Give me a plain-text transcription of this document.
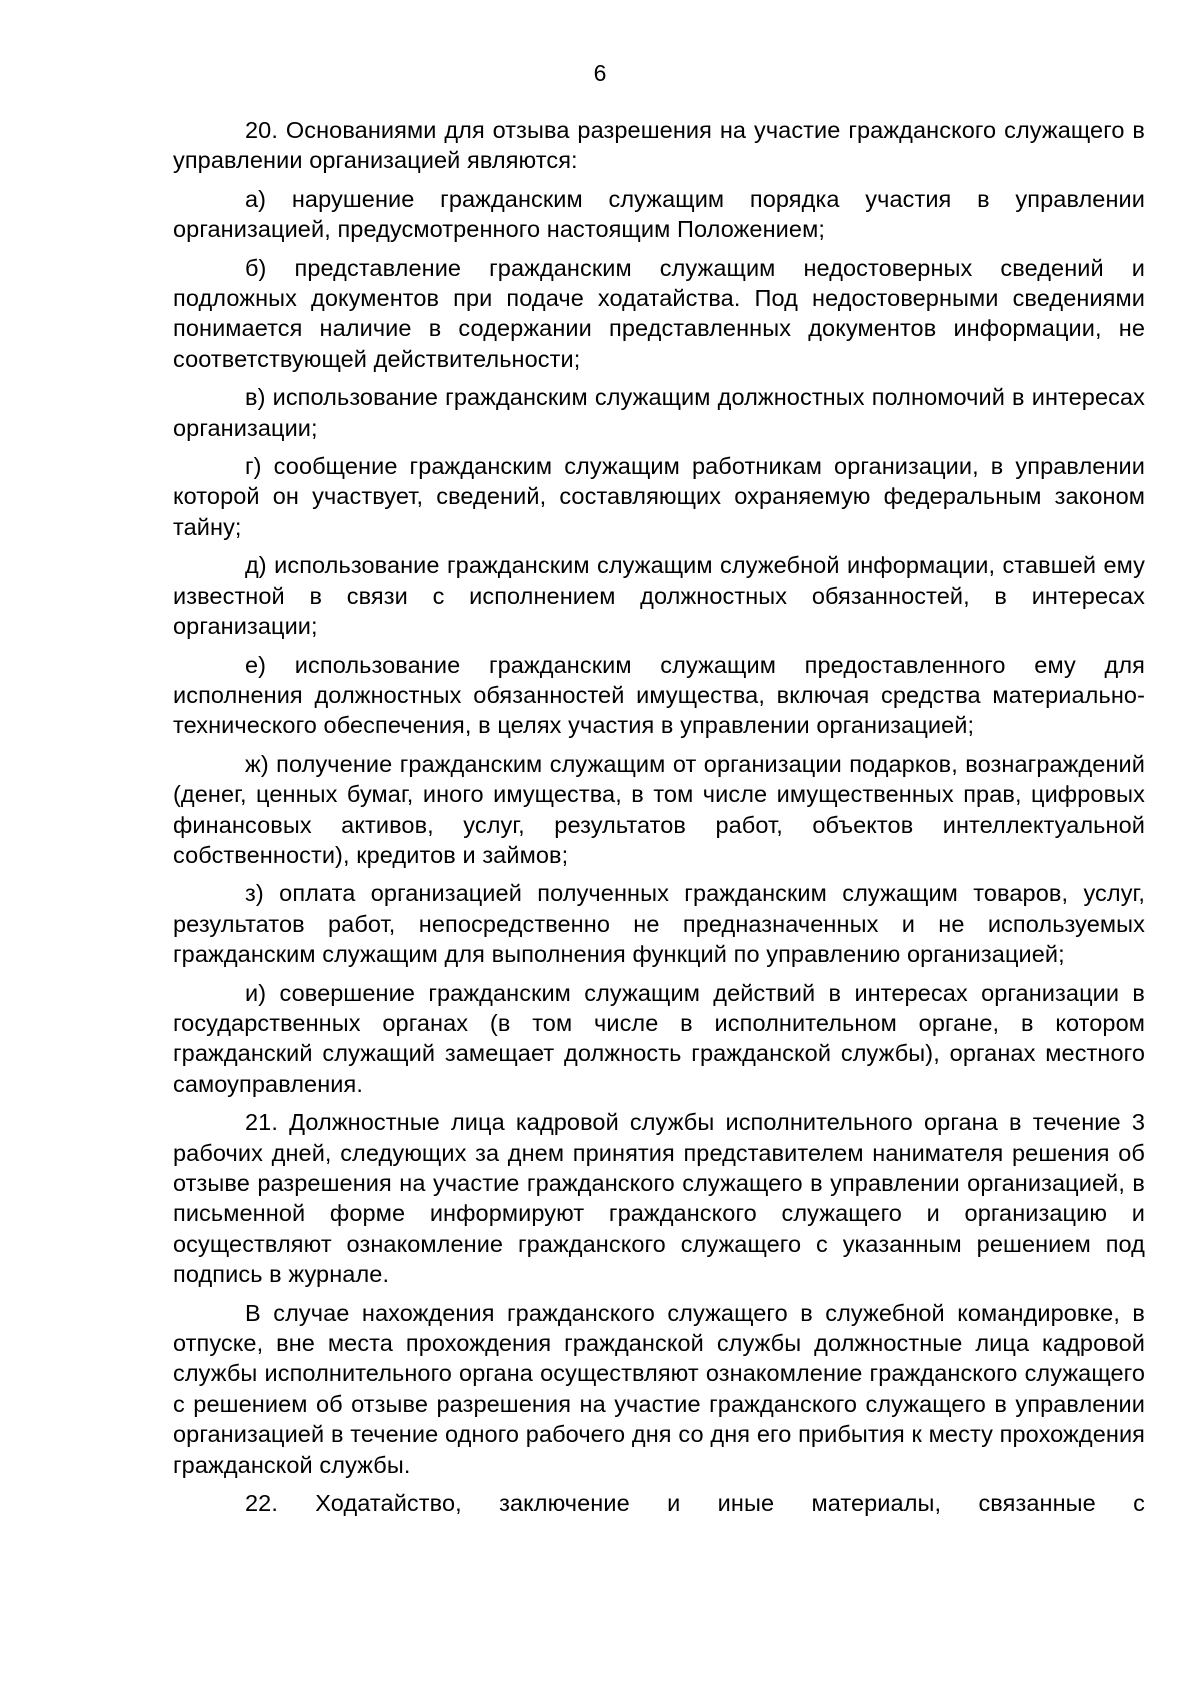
6

20. Основаниями для отзыва разрешения на участие гражданского служащего в управлении организацией являются:

а) нарушение гражданским служащим порядка участия в управлении организацией, предусмотренного настоящим Положением;

б) представление гражданским служащим недостоверных сведений и подложных документов при подаче ходатайства. Под недостоверными сведениями понимается наличие в содержании представленных документов информации, не соответствующей действительности;

в) использование гражданским служащим должностных полномочий в интересах организации;

г) сообщение гражданским служащим работникам организации, в управлении которой он участвует, сведений, составляющих охраняемую федеральным законом тайну;

д) использование гражданским служащим служебной информации, ставшей ему известной в связи с исполнением должностных обязанностей, в интересах организации;

е) использование гражданским служащим предоставленного ему для исполнения должностных обязанностей имущества, включая средства материально-технического обеспечения, в целях участия в управлении организацией;

ж) получение гражданским служащим от организации подарков, вознаграждений (денег, ценных бумаг, иного имущества, в том числе имущественных прав, цифровых финансовых активов, услуг, результатов работ, объектов интеллектуальной собственности), кредитов и займов;

з) оплата организацией полученных гражданским служащим товаров, услуг, результатов работ, непосредственно не предназначенных и не используемых гражданским служащим для выполнения функций по управлению организацией;

и) совершение гражданским служащим действий в интересах организации в государственных органах (в том числе в исполнительном органе, в котором гражданский служащий замещает должность гражданской службы), органах местного самоуправления.

21. Должностные лица кадровой службы исполнительного органа в течение 3 рабочих дней, следующих за днем принятия представителем нанимателя решения об отзыве разрешения на участие гражданского служащего в управлении организацией, в письменной форме информируют гражданского служащего и организацию и осуществляют ознакомление гражданского служащего с указанным решением под подпись в журнале.

В случае нахождения гражданского служащего в служебной командировке, в отпуске, вне места прохождения гражданской службы должностные лица кадровой службы исполнительного органа осуществляют ознакомление гражданского служащего с решением об отзыве разрешения на участие гражданского служащего в управлении организацией в течение одного рабочего дня со дня его прибытия к месту прохождения гражданской службы.

22. Ходатайство, заключение и иные материалы, связанные с
